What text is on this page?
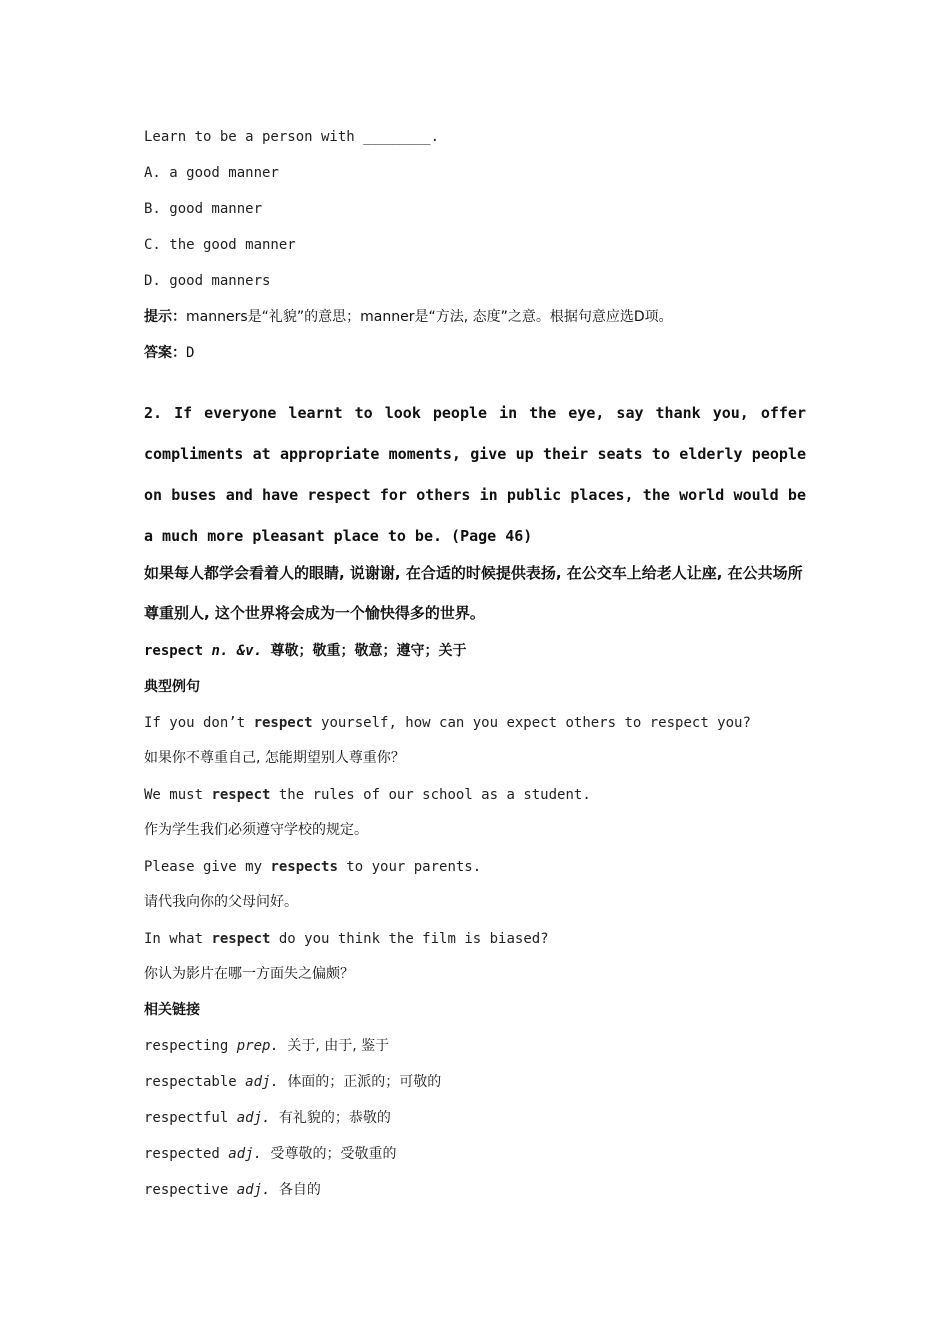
Learn to be a person with ________.
A. a good manner
B. good manner
C. the good manner
D. good manners
提示：manners是“礼貌”的意思；manner是“方法, 态度”之意。根据句意应选D项。
答案：D
2. If everyone learnt to look people in the eye, say thank you, offer compliments at appropriate moments, give up their seats to elderly people on buses and have respect for others in public places, the world would be a much more pleasant place to be. (Page 46)
如果每人都学会看着人的眼睛, 说谢谢, 在合适的时候提供表扬, 在公交车上给老人让座, 在公共场所尊重别人, 这个世界将会成为一个愉快得多的世界。
respect n. &v. 尊敬；敬重；敬意；遵守；关于
典型例句
If you don’t respect yourself, how can you expect others to respect you?
如果你不尊重自己, 怎能期望别人尊重你？
We must respect the rules of our school as a student.
作为学生我们必须遵守学校的规定。
Please give my respects to your parents.
请代我向你的父母问好。
In what respect do you think the film is biased?
你认为影片在哪一方面失之偏颇？
相关链接
respecting prep. 关于, 由于, 鉴于
respectable adj. 体面的；正派的；可敬的
respectful adj. 有礼貌的；恭敬的
respected adj. 受尊敬的；受敬重的
respective adj. 各自的
